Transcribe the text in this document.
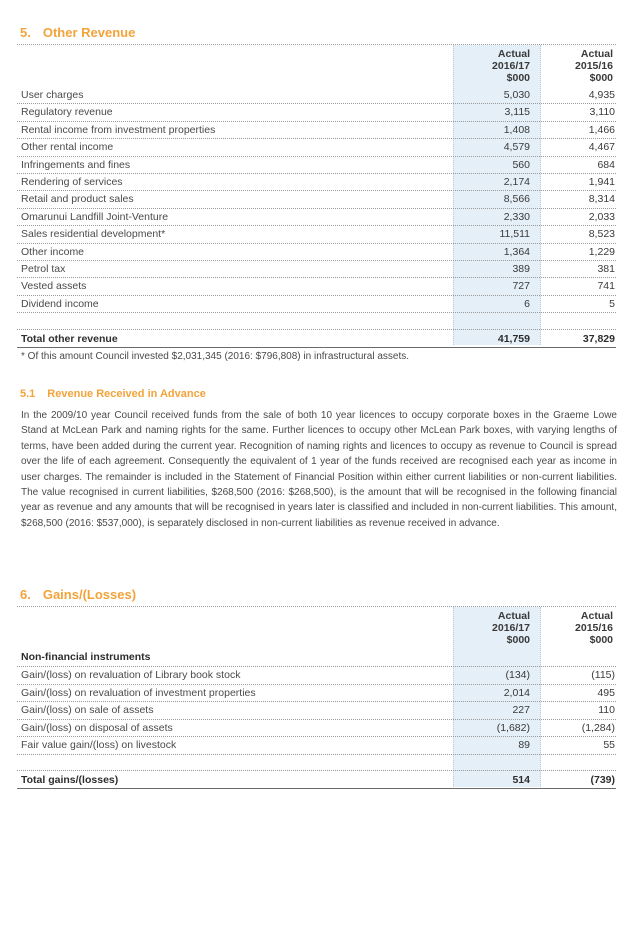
5. Other Revenue
Actual
2016/17
$000
Actual
2015/16
$000
User charges	5,030	4,935
Regulatory revenue	3,115	3,110
Rental income from investment properties	1,408	1,466
Other rental income	4,579	4,467
Infringements and fines	560	684
Rendering of services	2,174	1,941
Retail and product sales	8,566	8,314
Omarunui Landfill Joint-Venture	2,330	2,033
Sales residential development*	11,511	8,523
Other income	1,364	1,229
Petrol tax	389	381
Vested assets	727	741
Dividend income	6	5
Total other revenue	41,759	37,829
* Of this amount Council invested $2,031,345 (2016: $796,808) in infrastructural assets.
5.1 Revenue Received in Advance

In the 2009/10 year Council received funds from the sale of both 10 year licences to occupy corporate boxes in the Graeme Lowe Stand at McLean Park and naming rights for the same. Further licences to occupy other McLean Park boxes, with varying lengths of terms, have been added during the current year. Recognition of naming rights and licences to occupy as revenue to Council is spread over the life of each agreement. Consequently the equivalent of 1 year of the funds received are recognised each year as income in user charges. The remainder is included in the Statement of Financial Position within either current liabilities or non-current liabilities. The value recognised in current liabilities, $268,500 (2016: $268,500), is the amount that will be recognised in the following financial year as revenue and any amounts that will be recognised in years later is classified and included in non-current liabilities. This amount, $268,500 (2016: $537,000), is separately disclosed in non-current liabilities as revenue received in advance.

6. Gains/(Losses)
Actual
2016/17
$000
Actual
2015/16
$000
Non-financial instruments
Gain/(loss) on revaluation of Library book stock	(134)	(115)
Gain/(loss) on revaluation of investment properties	2,014	495
Gain/(loss) on sale of assets	227	110
Gain/(loss) on disposal of assets	(1,682)	(1,284)
Fair value gain/(loss) on livestock	89	55
Total gains/(losses)	514	(739)
